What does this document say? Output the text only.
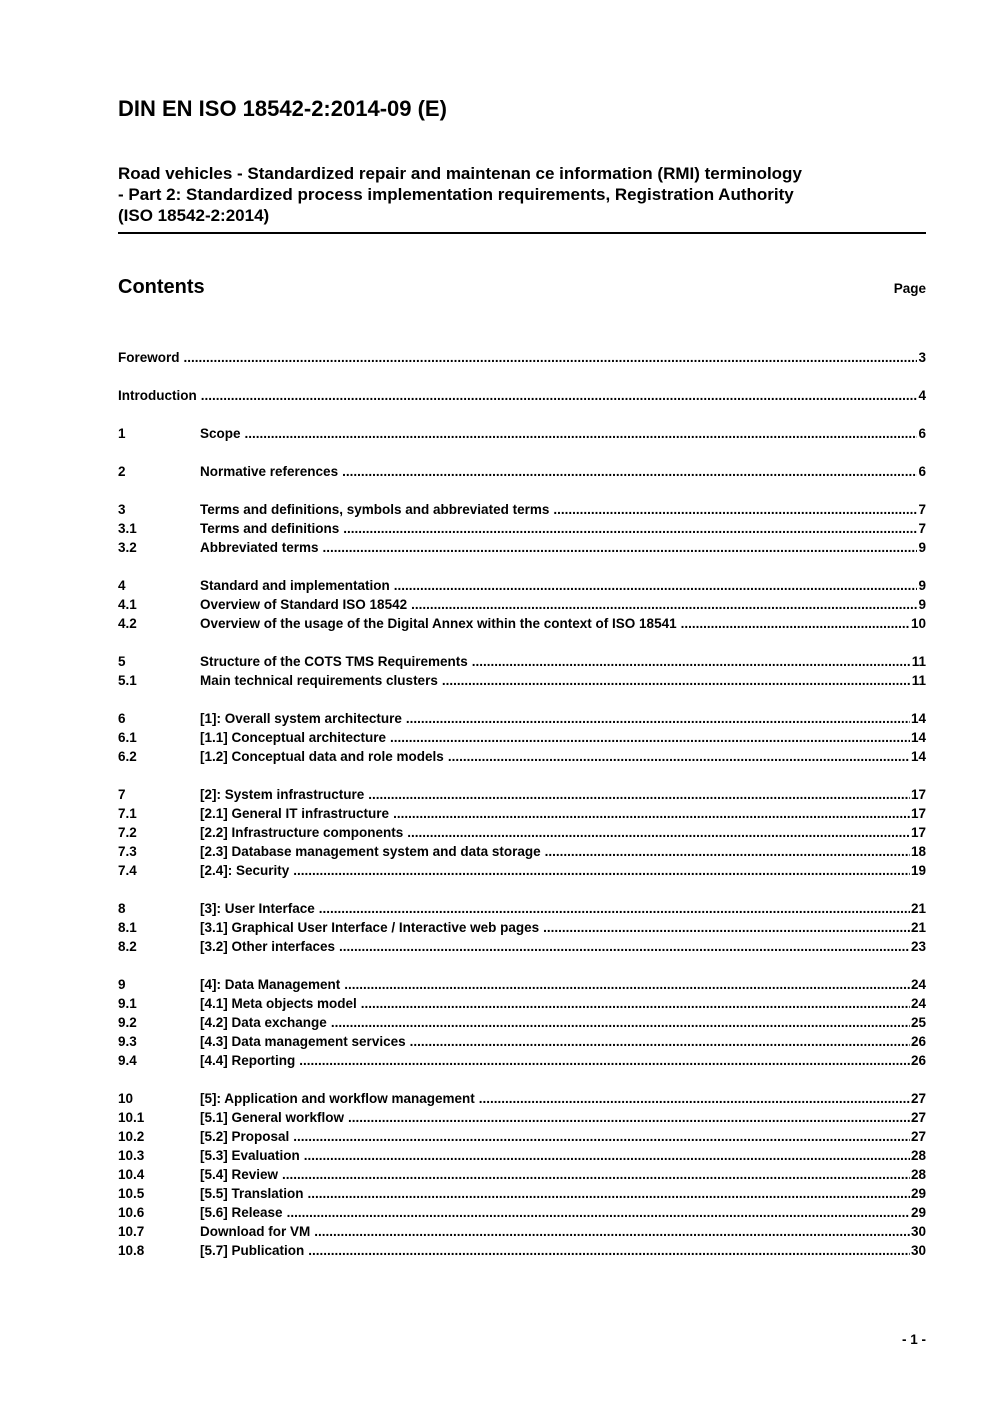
DIN EN ISO 18542-2:2014-09 (E)
Road vehicles - Standardized repair and maintenan ce information (RMI) terminology
- Part 2: Standardized process implementation requirements, Registration Authority
(ISO 18542-2:2014)
Contents	Page
Foreword .....	3
Introduction .....	4
1	Scope .....	6
2	Normative references .....	6
3	Terms and definitions, symbols and abbreviated terms .....	7
3.1	Terms and definitions .....	7
3.2	Abbreviated terms .....	9
4	Standard and implementation .....	9
4.1	Overview of Standard ISO 18542 .....	9
4.2	Overview of the usage of the Digital Annex within the context of ISO 18541 .....	10
5	Structure of the COTS TMS Requirements .....	11
5.1	Main technical requirements clusters .....	11
6	[1]: Overall system architecture .....	14
6.1	[1.1] Conceptual architecture .....	14
6.2	[1.2] Conceptual data and role models .....	14
7	[2]: System infrastructure .....	17
7.1	[2.1] General IT infrastructure .....	17
7.2	[2.2] Infrastructure components .....	17
7.3	[2.3] Database management system and data storage .....	18
7.4	[2.4]: Security .....	19
8	[3]: User Interface .....	21
8.1	[3.1] Graphical User Interface / Interactive web pages .....	21
8.2	[3.2] Other interfaces .....	23
9	[4]: Data Management .....	24
9.1	[4.1] Meta objects model .....	24
9.2	[4.2] Data exchange .....	25
9.3	[4.3] Data management services .....	26
9.4	[4.4] Reporting .....	26
10	[5]: Application and workflow management .....	27
10.1	[5.1] General workflow .....	27
10.2	[5.2] Proposal .....	27
10.3	[5.3] Evaluation .....	28
10.4	[5.4] Review .....	28
10.5	[5.5] Translation .....	29
10.6	[5.6] Release .....	29
10.7	Download for VM .....	30
10.8	[5.7] Publication .....	30
- 1 -
